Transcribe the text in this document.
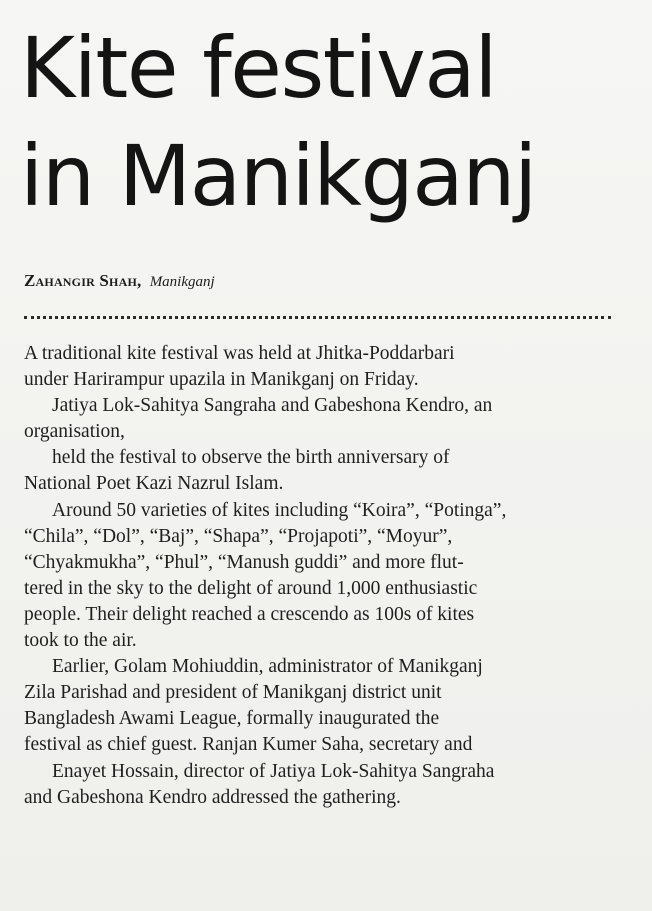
Kite festival
in Manikganj
Zahangir Shah, Manikganj
A traditional kite festival was held at Jhitka-Poddarbari
under Harirampur upazila in Manikganj on Friday.
Jatiya Lok-Sahitya Sangraha and Gabeshona Kendro, an
organisation,
held the festival to observe the birth anniversary of
National Poet Kazi Nazrul Islam.
Around 50 varieties of kites including “Koira”, “Potinga”,
“Chila”, “Dol”, “Baj”, “Shapa”, “Projapoti”, “Moyur”,
“Chyakmukha”, “Phul”, “Manush guddi” and more flut-
tered in the sky to the delight of around 1,000 enthusiastic
people. Their delight reached a crescendo as 100s of kites
took to the air.
Earlier, Golam Mohiuddin, administrator of Manikganj
Zila Parishad and president of Manikganj district unit
Bangladesh Awami League, formally inaugurated the
festival as chief guest. Ranjan Kumer Saha, secretary and
Enayet Hossain, director of Jatiya Lok-Sahitya Sangraha
and Gabeshona Kendro addressed the gathering.
